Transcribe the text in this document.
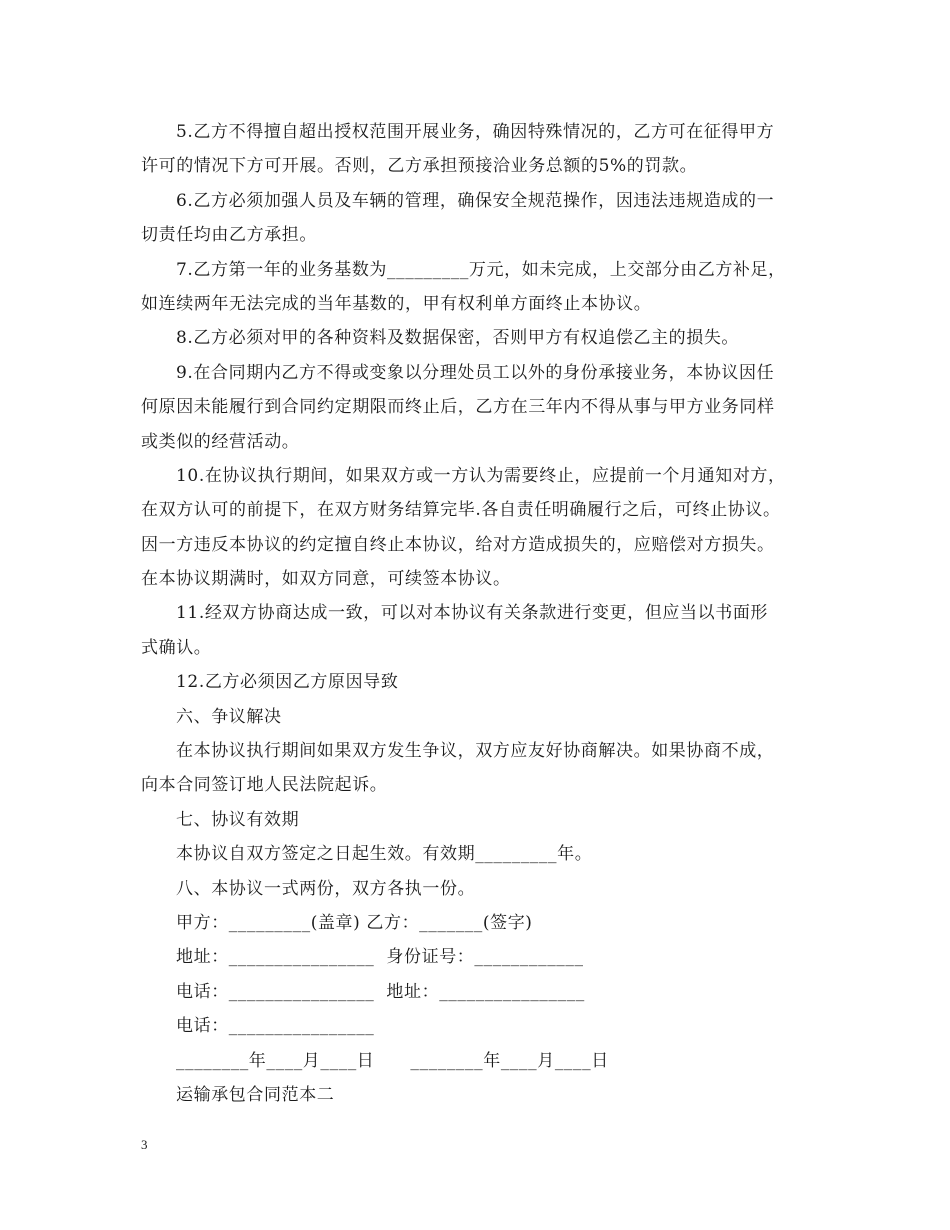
5.乙方不得擅自超出授权范围开展业务，确因特殊情况的，乙方可在征得甲方
许可的情况下方可开展。否则，乙方承担预接洽业务总额的5%的罚款。
6.乙方必须加强人员及车辆的管理，确保安全规范操作，因违法违规造成的一
切责任均由乙方承担。
7.乙方第一年的业务基数为_________万元，如未完成，上交部分由乙方补足，
如连续两年无法完成的当年基数的，甲有权利单方面终止本协议。
8.乙方必须对甲的各种资料及数据保密，否则甲方有权追偿乙主的损失。
9.在合同期内乙方不得或变象以分理处员工以外的身份承接业务，本协议因任
何原因未能履行到合同约定期限而终止后，乙方在三年内不得从事与甲方业务同样
或类似的经营活动。
10.在协议执行期间，如果双方或一方认为需要终止，应提前一个月通知对方，
在双方认可的前提下，在双方财务结算完毕.各自责任明确履行之后，可终止协议。
因一方违反本协议的约定擅自终止本协议，给对方造成损失的，应赔偿对方损失。
在本协议期满时，如双方同意，可续签本协议。
11.经双方协商达成一致，可以对本协议有关条款进行变更，但应当以书面形
式确认。
12.乙方必须因乙方原因导致
六、争议解决
在本协议执行期间如果双方发生争议，双方应友好协商解决。如果协商不成，
向本合同签订地人民法院起诉。
七、协议有效期
本协议自双方签定之日起生效。有效期_________年。
八、本协议一式两份，双方各执一份。
甲方：_________(盖章) 乙方：_______(签字)
地址：________________  身份证号：____________
电话：________________  地址：________________
电话：________________
________年____月____日      ________年____月____日
运输承包合同范本二
3
